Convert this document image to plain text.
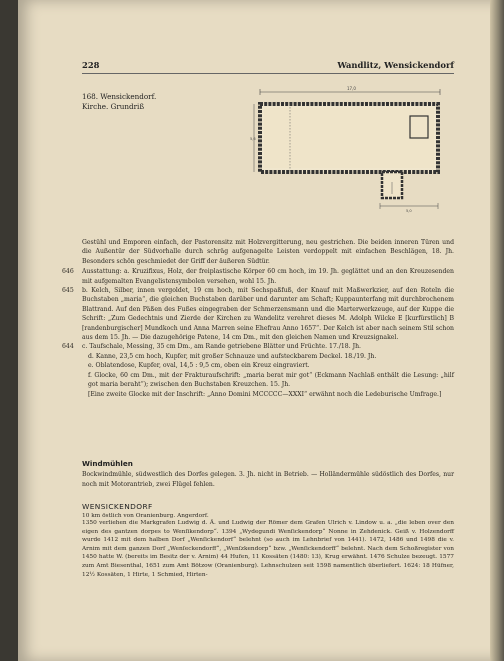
228	Wandlitz, Wensickendorf
168. Wensickendorf.
Kirche. Grundriß
17,0
5,6
5,0

Gestühl und Emporen einfach, der Pastorensitz mit Holzvergitterung, neu gestrichen. Die beiden inneren Türen und die Außentür der Südvorhalle durch schräg aufgenagelte Leisten verdoppelt mit einfachen Beschlägen, 18. Jh. Besonders schön geschmiedet der Griff der äußeren Südtür.

646 Ausstattung: a. Kruzifixus, Holz, der freiplastische Körper 60 cm hoch, im 19. Jh. geglättet und an den Kreuzesenden mit aufgemalten Evangelistensymbolen versehen, wohl 15. Jh.

645 b. Kelch, Silber, innen vergoldet, 19 cm hoch, mit Sechspaßfuß, der Knauf mit Maßwerkzier, auf den Roteln die Buchstaben „maria“, die gleichen Buchstaben darüber und darunter am Schaft; Kuppaunterfang mit durchbrochenem Blattrand. Auf den Päßen des Fußes eingegraben der Schmerzensmann und die Marterwerkzeuge, auf der Kuppe die Schrift: „Zum Gedechtnis und Zierde der Kirchen zu Wandelitz verehret dieses M. Adolph Wilcke E [kurfürstlich] B [randenburgischer] Mundkoch und Anna Marren seine Ehefrau Anno 1657“. Der Kelch ist aber nach seinem Stil schon aus dem 15. Jh. — Die dazugehörige Patene, 14 cm Dm., mit den gleichen Namen und Kreuzsignakel.

644 c. Taufschale, Messing, 35 cm Dm., am Rande getriebene Blätter und Früchte. 17./18. Jh.

d. Kanne, 23,5 cm hoch, Kupfer, mit großer Schnauze und aufsteckbarem Deckel. 18./19. Jh.

e. Oblatendose, Kupfer, oval, 14,5 : 9,5 cm, oben ein Kreuz eingraviert.

f. Glocke, 60 cm Dm., mit der Frakturaufschrift: „maria berat mir got“ (Eckmann Nachlaß enthält die Lesung: „hilf got maria beraht“); zwischen den Buchstaben Kreuzchen. 15. Jh.

[Eine zweite Glocke mit der Inschrift: „Anno Domini MCCCCC—XXXI“ erwähnt noch die Ledeburische Umfrage.]

Windmühlen

Bockwindmühle, südwestlich des Dorfes gelegen. 3. Jh. nicht in Betrieb. — Holländermühle südöstlich des Dorfes, nur noch mit Motorantrieb, zwei Flügel fehlen.

WENSICKENDORF
10 km östlich von Oranienburg. Angerdorf.

1350 verliehen die Markgrafen Ludwig d. Ä. und Ludwig der Römer dem Grafen Ulrich v. Lindow u. a. „die leben over den eigen des gantzen dorpes to Wenſikendorp“. 1394 „Wydegundi Wenſickendorp“ Nonne in Zehdenick. Geiß v. Holzendorff wurde 1412 mit dem halben Dorf „Wenſickendorf“ belehnt (so auch im Lehnbrief von 1441). 1472, 1486 und 1498 die v. Arnim mit dem ganzen Dorf „Wenſeckendorff“, „Wenſzkendorp“ bzw. „Wenſickendorff“ belehnt. Nach dem Schoßregister von 1450 hatte W. (bereits im Besitz der v. Arnim) 44 Hufen, 11 Kossäten (1480: 13), Krug erwähnt. 1476 Schulze bezeugt. 1577 zum Amt Biesenthal, 1651 zum Amt Bötzow (Oranienburg). Lehnschulzen seit 1598 namentlich überliefert. 1624: 18 Hüfner, 12½ Kossäten, 1 Hirte, 1 Schmied, Hirten-
